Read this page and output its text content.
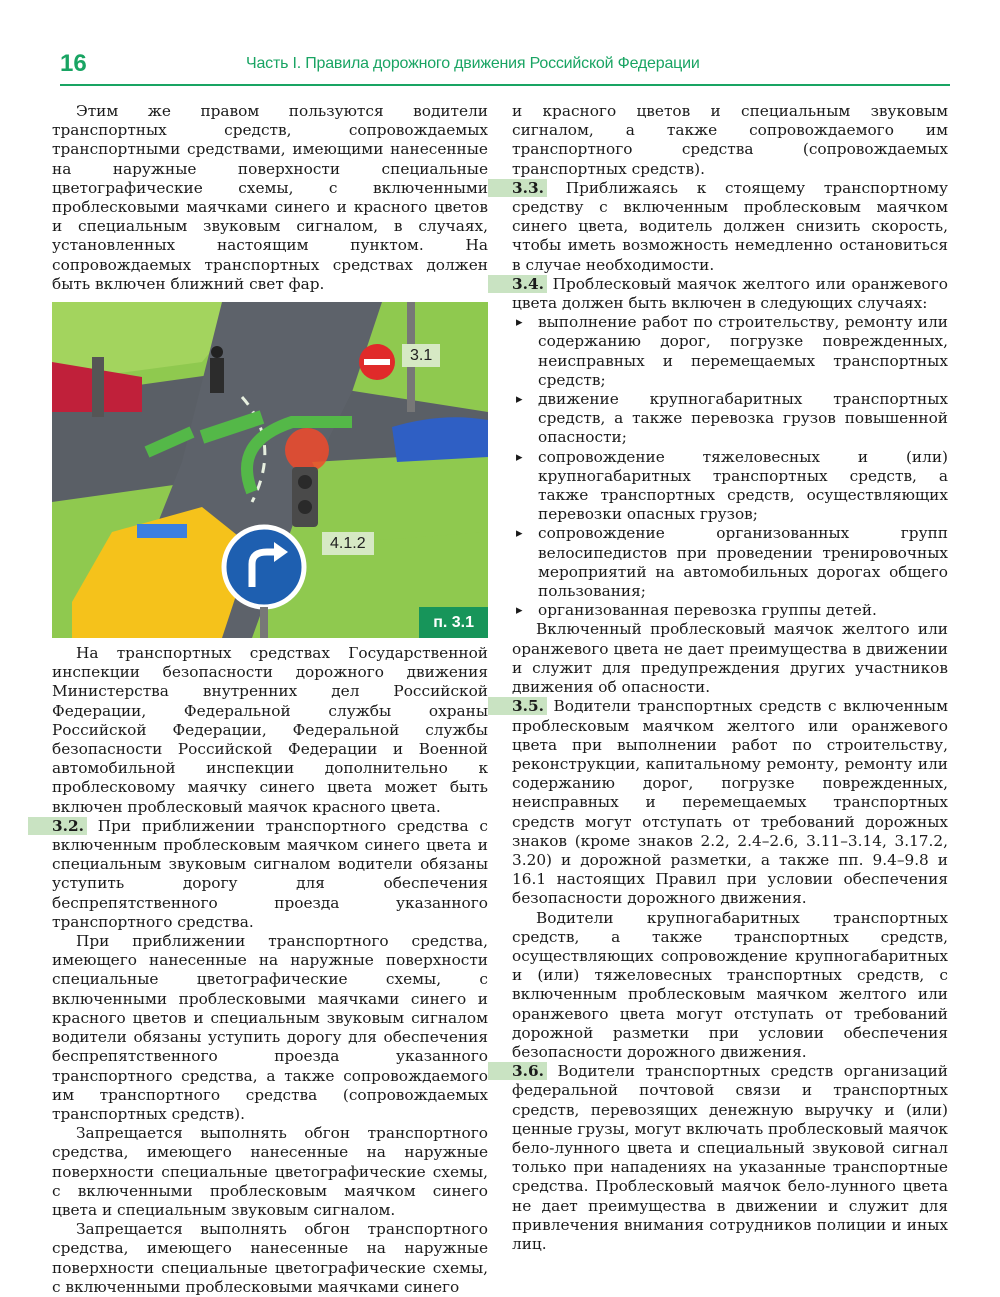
16	Часть I. Правила дорожного движения Российской Федерации

Этим же правом пользуются водители транспортных средств, сопровождаемых транспортными средствами, имеющими нанесенные на наружные поверхности специальные цветографические схемы, с включенными проблесковыми маячками синего и красного цветов и специальным звуковым сигналом, в случаях, установленных настоящим пунктом. На сопровождаемых транспортных средствах должен быть включен ближний свет фар.

3.1
4.1.2
п. 3.1

На транспортных средствах Государственной инспекции безопасности дорожного движения Министерства внутренних дел Российской Федерации, Федеральной службы охраны Российской Федерации, Федеральной службы безопасности Российской Федерации и Военной автомобильной инспекции дополнительно к проблесковому маячку синего цвета может быть включен проблесковый маячок красного цвета.

3.2. При приближении транспортного средства с включенным проблесковым маячком синего цвета и специальным звуковым сигналом водители обязаны уступить дорогу для обеспечения беспрепятственного проезда указанного транспортного средства.

При приближении транспортного средства, имеющего нанесенные на наружные поверхности специальные цветографические схемы, с включенными проблесковыми маячками синего и красного цветов и специальным звуковым сигналом водители обязаны уступить дорогу для обеспечения беспрепятственного проезда указанного транспортного средства, а также сопровождаемого им транспортного средства (сопровождаемых транспортных средств).

Запрещается выполнять обгон транспортного средства, имеющего нанесенные на наружные поверхности специальные цветографические схемы, с включенными проблесковым маячком синего цвета и специальным звуковым сигналом.

Запрещается выполнять обгон транспортного средства, имеющего нанесенные на наружные поверхности специальные цветографические схемы, с включенными проблесковыми маячками синего

и красного цветов и специальным звуковым сигналом, а также сопровождаемого им транспортного средства (сопровождаемых транспортных средств).

3.3. Приближаясь к стоящему транспортному средству с включенным проблесковым маячком синего цвета, водитель должен снизить скорость, чтобы иметь возможность немедленно остановиться в случае необходимости.

3.4. Проблесковый маячок желтого или оранжевого цвета должен быть включен в следующих случаях:

▸ выполнение работ по строительству, ремонту или содержанию дорог, погрузке поврежденных, неисправных и перемещаемых транспортных средств;
▸ движение крупногабаритных транспортных средств, а также перевозка грузов повышенной опасности;
▸ сопровождение тяжеловесных и (или) крупногабаритных транспортных средств, а также транспортных средств, осуществляющих перевозки опасных грузов;
▸ сопровождение организованных групп велосипедистов при проведении тренировочных мероприятий на автомобильных дорогах общего пользования;
▸ организованная перевозка группы детей.

Включенный проблесковый маячок желтого или оранжевого цвета не дает преимущества в движении и служит для предупреждения других участников движения об опасности.

3.5. Водители транспортных средств с включенным проблесковым маячком желтого или оранжевого цвета при выполнении работ по строительству, реконструкции, капитальному ремонту, ремонту или содержанию дорог, погрузке поврежденных, неисправных и перемещаемых транспортных средств могут отступать от требований дорожных знаков (кроме знаков 2.2, 2.4–2.6, 3.11–3.14, 3.17.2, 3.20) и дорожной разметки, а также пп. 9.4–9.8 и 16.1 настоящих Правил при условии обеспечения безопасности дорожного движения.

Водители крупногабаритных транспортных средств, а также транспортных средств, осуществляющих сопровождение крупногабаритных и (или) тяжеловесных транспортных средств, с включенным проблесковым маячком желтого или оранжевого цвета могут отступать от требований дорожной разметки при условии обеспечения безопасности дорожного движения.

3.6. Водители транспортных средств организаций федеральной почтовой связи и транспортных средств, перевозящих денежную выручку и (или) ценные грузы, могут включать проблесковый маячок бело-лунного цвета и специальный звуковой сигнал только при нападениях на указанные транспортные средства. Проблесковый маячок бело-лунного цвета не дает преимущества в движении и служит для привлечения внимания сотрудников полиции и иных лиц.
